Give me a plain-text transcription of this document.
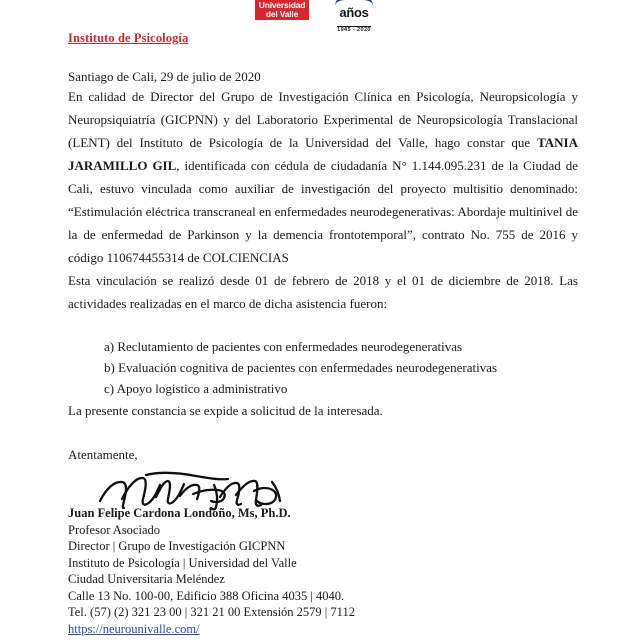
Universidad
del Valle	años
1945 - 2020
Instituto de Psicología
Santiago de Cali, 29 de julio de 2020

En calidad de Director del Grupo de Investigación Clínica en Psicología, Neuropsicología y Neuropsiquiatría (GICPNN) y del Laboratorio Experimental de Neuropsicología Translacional (LENT) del Instituto de Psicología de la Universidad del Valle, hago constar que TANIA JARAMILLO GIL, identificada con cédula de ciudadanía N° 1.144.095.231 de la Ciudad de Cali, estuvo vinculada como auxiliar de investigación del proyecto multisitio denominado: “Estimulación eléctrica transcraneal en enfermedades neurodegenerativas: Abordaje multinivel de la de enfermedad de Parkinson y la demencia frontotemporal”, contrato No. 755 de 2016 y código 110674455314 de COLCIENCIAS

Esta vinculación se realizó desde 01 de febrero de 2018 y el 01 de diciembre de 2018. Las actividades realizadas en el marco de dicha asistencia fueron:

a) Reclutamiento de pacientes con enfermedades neurodegenerativas
b) Evaluación cognitiva de pacientes con enfermedades neurodegenerativas
c) Apoyo logistico a administrativo

La presente constancia se expide a solicitud de la interesada.

Atentamente,
Juan Felipe Cardona Londoño, Ms, Ph.D.
Profesor Asociado
Director | Grupo de Investigación GICPNN
Instituto de Psicología | Universidad del Valle
Ciudad Universitaria Meléndez
Calle 13 No. 100-00, Edificio 388 Oficina 4035 | 4040.
Tel. (57) (2) 321 23 00 | 321 21 00 Extensión 2579 | 7112
https://neurounivalle.com/
